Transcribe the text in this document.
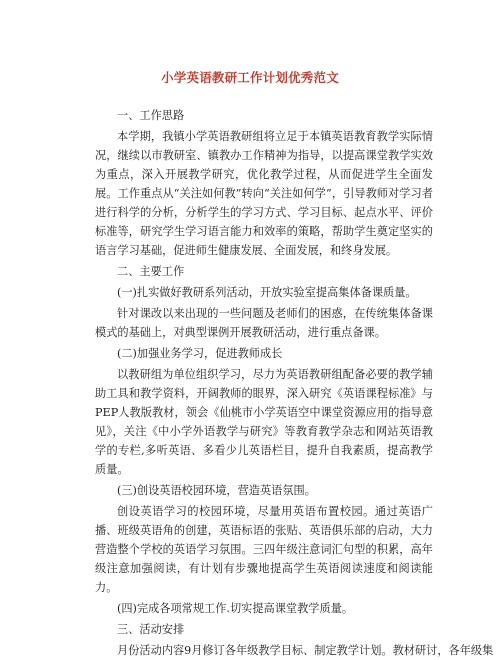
小学英语教研工作计划优秀范文

一、工作思路

本学期，我镇小学英语教研组将立足于本镇英语教育教学实际情况，继续以市教研室、镇教办工作精神为指导，以提高课堂教学实效为重点，深入开展教学研究，优化教学过程，从而促进学生全面发展。工作重点从“关注如何教”转向“关注如何学”，引导教师对学习者进行科学的分析，分析学生的学习方式、学习目标、起点水平、评价标准等，研究学生学习语言能力和效率的策略，帮助学生奠定坚实的语言学习基础，促进师生健康发展、全面发展，和终身发展。

二、主要工作

(一)扎实做好教研系列活动，开放实验室提高集体备课质量。

针对课改以来出现的一些问题及老师们的困惑，在传统集体备课模式的基础上，对典型课例开展教研活动，进行重点备课。

(二)加强业务学习，促进教师成长

以教研组为单位组织学习，尽力为英语教研组配备必要的教学辅助工具和教学资料，开阔教师的眼界，深入研究《英语课程标准》与PEP人教版教材，领会《仙桃市小学英语空中课堂资源应用的指导意见》，关注《中小学外语教学与研究》等教育教学杂志和网站英语教学的专栏,多听英语、多看少儿英语栏目，提升自我素质，提高教学质量。

(三)创设英语校园环境，营造英语氛围。

创设英语学习的校园环境，尽量用英语布置校园。通过英语广播、班级英语角的创建，英语标语的张贴、英语俱乐部的启动，大力营造整个学校的英语学习氛围。三四年级注意词汇句型的积累，高年级注意加强阅读，有计划有步骤地提高学生英语阅读速度和阅读能力。

(四)完成各项常规工作.切实提高课堂教学质量。

三、活动安排

月份活动内容9月修订各年级教学目标、制定教学计划。教材研讨，各年级集
